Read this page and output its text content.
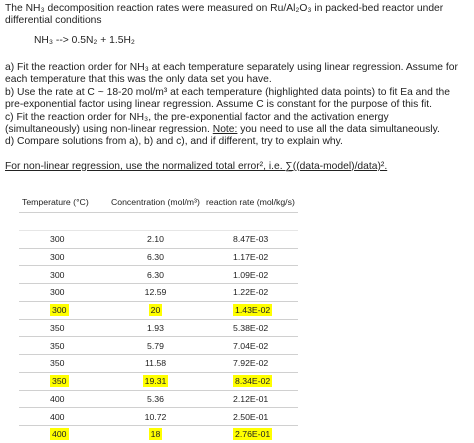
The NH₃ decomposition reaction rates were measured on Ru/Al₂O₃ in packed-bed reactor under

differential conditions

NH₃ --> 0.5N₂ + 1.5H₂

a) Fit the reaction order for NH₃ at each temperature separately using linear regression. Assume for

each temperature that this was the only data set you have.

b) Use the rate at C ~ 18-20 mol/m³ at each temperature (highlighted data points) to fit Ea and the

pre-exponential factor using linear regression. Assume C is constant for the purpose of this fit.

c) Fit the reaction order for NH₃, the pre-exponential factor and the activation energy

(simultaneously) using non-linear regression. Note: you need to use all the data simultaneously.

d) Compare solutions from a), b) and c), and if different, try to explain why.

For non-linear regression, use the normalized total error², i.e. ∑((data-model)/data)².

Temperature (°C)	Concentration (mol/m³)	reaction rate (mol/kg/s)

300	2.10	8.47E-03
300	6.30	1.17E-02
300	6.30	1.09E-02
300	12.59	1.22E-02
300	20	1.43E-02
350	1.93	5.38E-02
350	5.79	7.04E-02
350	11.58	7.92E-02
350	19.31	8.34E-02
400	5.36	2.12E-01
400	10.72	2.50E-01
400	18	2.76E-01
